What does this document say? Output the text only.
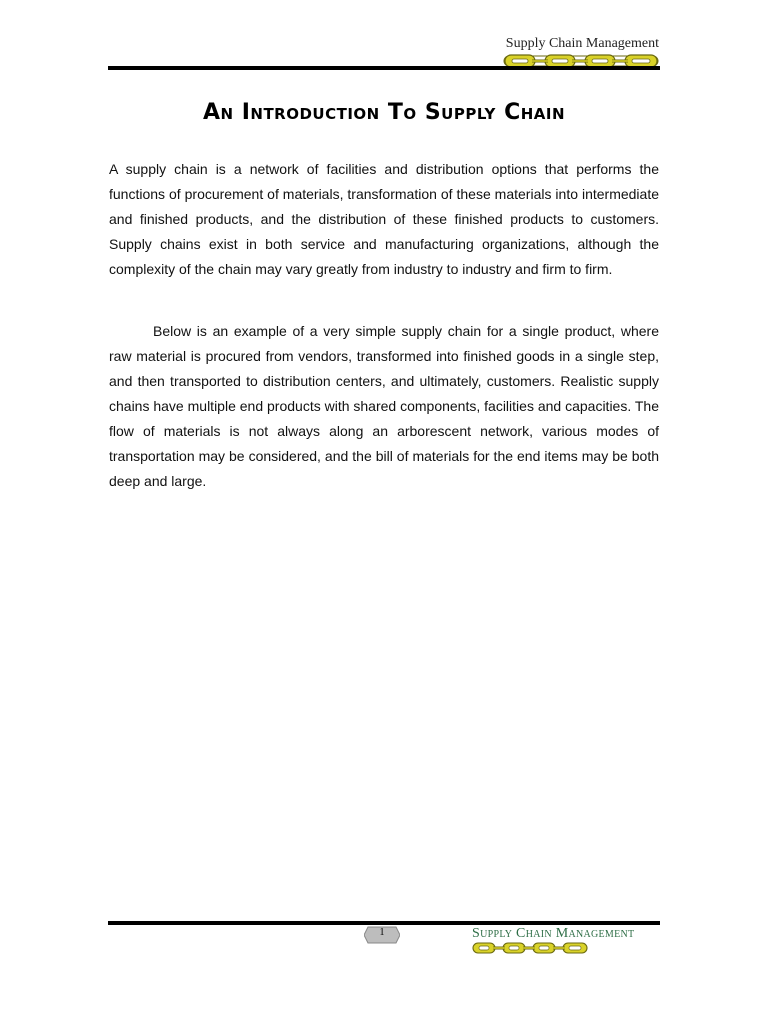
Supply Chain Management
An Introduction To Supply Chain

A supply chain is a network of facilities and distribution options that performs the functions of procurement of materials, transformation of these materials into intermediate and finished products, and the distribution of these finished products to customers. Supply chains exist in both service and manufacturing organizations, although the complexity of the chain may vary greatly from industry to industry and firm to firm.

Below is an example of a very simple supply chain for a single product, where raw material is procured from vendors, transformed into finished goods in a single step, and then transported to distribution centers, and ultimately, customers. Realistic supply chains have multiple end products with shared components, facilities and capacities. The flow of materials is not always along an arborescent network, various modes of transportation may be considered, and the bill of materials for the end items may be both deep and large.

1	Supply Chain Management
